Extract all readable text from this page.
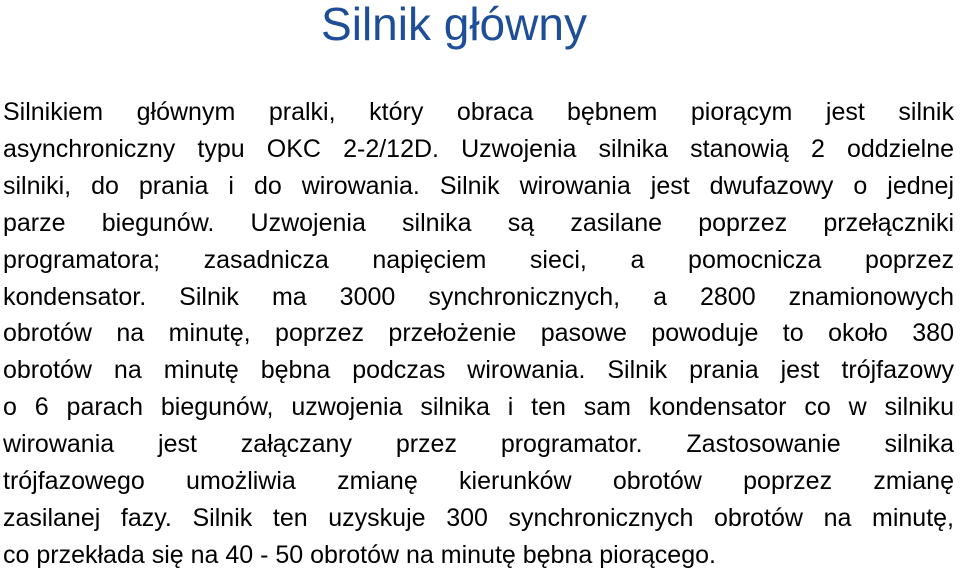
Silnik główny
Silnikiem głównym pralki, który obraca bębnem piorącym jest silnik
asynchroniczny typu OKC 2-2/12D. Uzwojenia silnika stanowią 2 oddzielne
silniki, do prania i do wirowania. Silnik wirowania jest dwufazowy o jednej
parze biegunów. Uzwojenia silnika są zasilane poprzez przełączniki
programatora; zasadnicza napięciem sieci, a pomocnicza poprzez
kondensator. Silnik ma 3000 synchronicznych, a 2800 znamionowych
obrotów na minutę, poprzez przełożenie pasowe powoduje to około 380
obrotów na minutę bębna podczas wirowania. Silnik prania jest trójfazowy
o 6 parach biegunów, uzwojenia silnika i ten sam kondensator co w silniku
wirowania jest załączany przez programator. Zastosowanie silnika
trójfazowego umożliwia zmianę kierunków obrotów poprzez zmianę
zasilanej fazy. Silnik ten uzyskuje 300 synchronicznych obrotów na minutę,
co przekłada się na 40 - 50 obrotów na minutę bębna piorącego.
